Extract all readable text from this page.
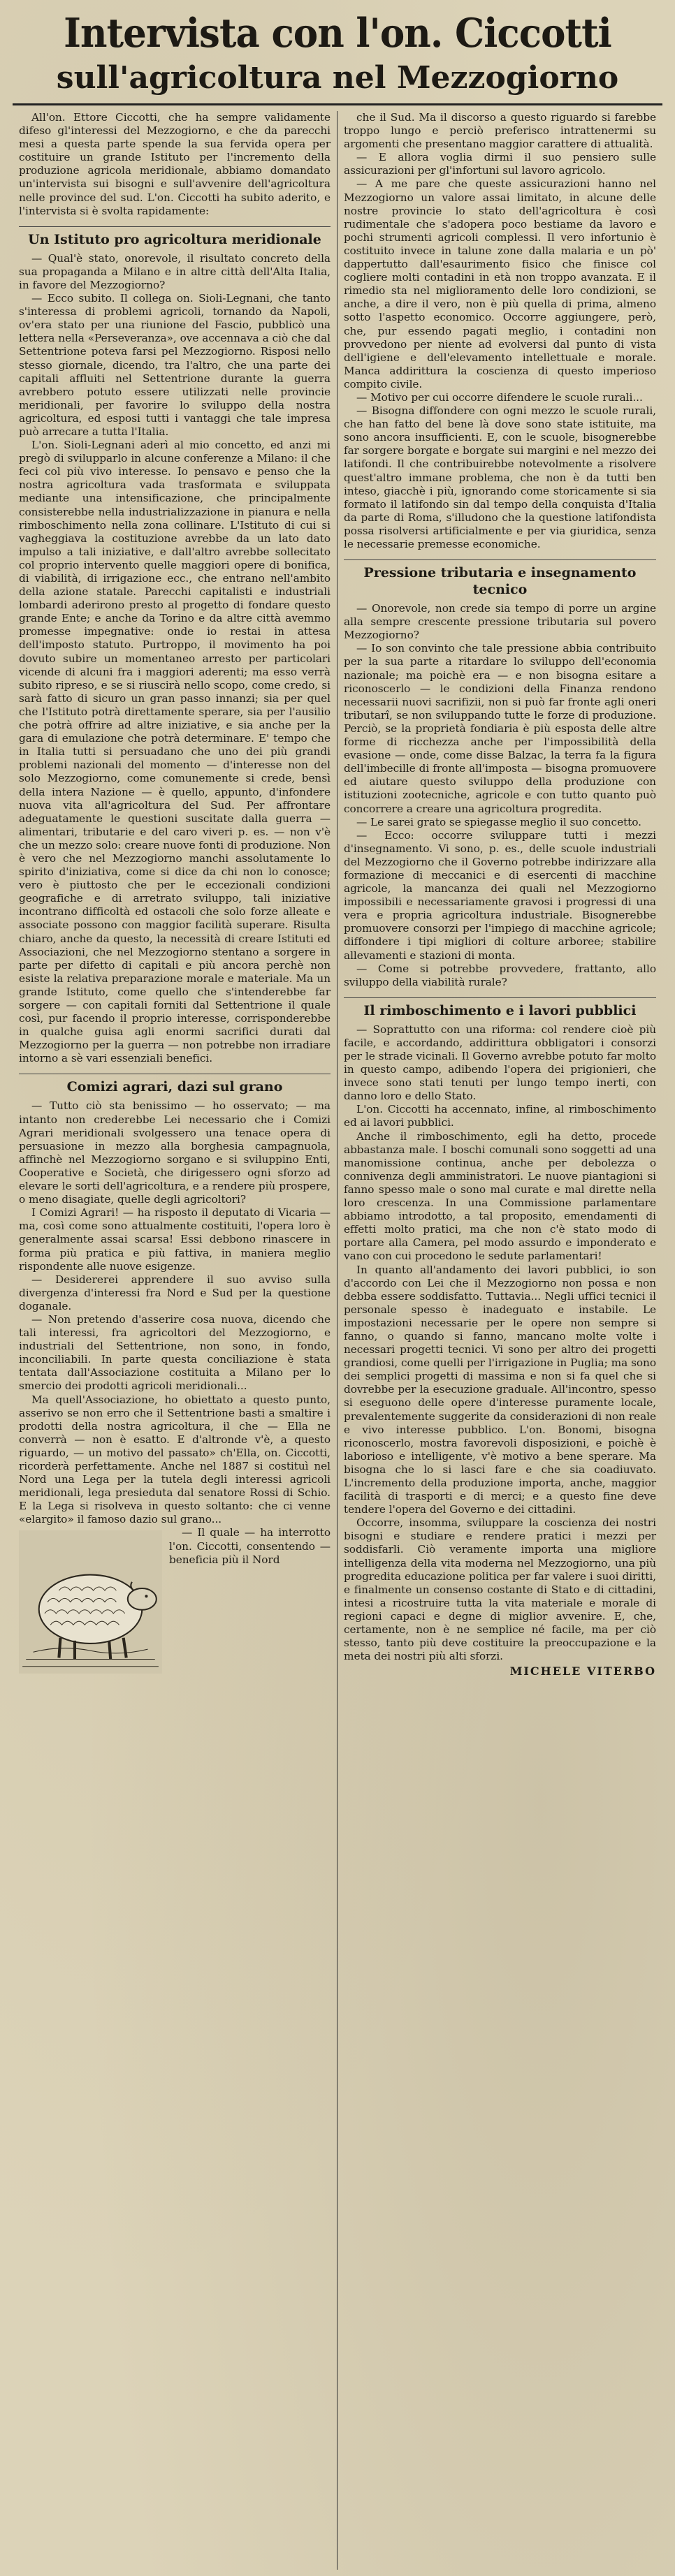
Intervista con l'on. Ciccotti
sull'agricoltura nel Mezzogiorno

All'on. Ettore Ciccotti, che ha sempre validamente difeso gl'interessi del Mezzogiorno, e che da parecchi mesi a questa parte spende la sua fervida opera per costituire un grande Istituto per l'incremento della produzione agricola meridionale, abbiamo domandato un'intervista sui bisogni e sull'avvenire dell'agricoltura nelle province del sud. L'on. Ciccotti ha subito aderito, e l'intervista si è svolta rapidamente:

Un Istituto pro agricoltura meridionale

— Qual'è stato, onorevole, il risultato concreto della sua propaganda a Milano e in altre città dell'Alta Italia, in favore del Mezzogiorno?

— Ecco subito. Il collega on. Sioli-Legnani, che tanto s'interessa di problemi agricoli, tornando da Napoli, ov'era stato per una riunione del Fascio, pubblicò una lettera nella «Perseveranza», ove accennava a ciò che dal Settentrione poteva farsi pel Mezzogiorno. Risposi nello stesso giornale, dicendo, tra l'altro, che una parte dei capitali affluiti nel Settentrione durante la guerra avrebbero potuto essere utilizzati nelle provincie meridionali, per favorire lo sviluppo della nostra agricoltura, ed esposi tutti i vantaggi che tale impresa può arrecare a tutta l'Italia.

L'on. Sioli-Legnani aderì al mio concetto, ed anzi mi pregò di svilupparlo in alcune conferenze a Milano: il che feci col più vivo interesse. Io pensavo e penso che la nostra agricoltura vada trasformata e sviluppata mediante una intensificazione, che principalmente consisterebbe nella industrializzazione in pianura e nella rimboschimento nella zona collinare. L'Istituto di cui si vagheggiava la costituzione avrebbe da un lato dato impulso a tali iniziative, e dall'altro avrebbe sollecitato col proprio intervento quelle maggiori opere di bonifica, di viabilità, di irrigazione ecc., che entrano nell'ambito della azione statale. Parecchi capitalisti e industriali lombardi aderirono presto al progetto di fondare questo grande Ente; e anche da Torino e da altre città avemmo promesse impegnative: onde io restai in attesa dell'imposto statuto. Purtroppo, il movimento ha poi dovuto subire un momentaneo arresto per particolari vicende di alcuni fra i maggiori aderenti; ma esso verrà subito ripreso, e se si riuscirà nello scopo, come credo, si sarà fatto di sicuro un gran passo innanzi; sia per quel che l'Istituto potrà direttamente sperare, sia per l'ausilio che potrà offrire ad altre iniziative, e sia anche per la gara di emulazione che potrà determinare. E' tempo che in Italia tutti si persuadano che uno dei più grandi problemi nazionali del momento — d'interesse non del solo Mezzogiorno, come comunemente si crede, bensì della intera Nazione — è quello, appunto, d'infondere nuova vita all'agricoltura del Sud. Per affrontare adeguatamente le questioni suscitate dalla guerra — alimentari, tributarie e del caro viveri p. es. — non v'è che un mezzo solo: creare nuove fonti di produzione. Non è vero che nel Mezzogiorno manchi assolutamente lo spirito d'iniziativa, come si dice da chi non lo conosce; vero è piuttosto che per le eccezionali condizioni geografiche e di arretrato sviluppo, tali iniziative incontrano difficoltà ed ostacoli che solo forze alleate e associate possono con maggior facilità superare. Risulta chiaro, anche da questo, la necessità di creare Istituti ed Associazioni, che nel Mezzogiorno stentano a sorgere in parte per difetto di capitali e più ancora perchè non esiste la relativa preparazione morale e materiale. Ma un grande Istituto, come quello che s'intenderebbe far sorgere — con capitali forniti dal Settentrione il quale così, pur facendo il proprio interesse, corrisponderebbe in qualche guisa agli enormi sacrifici durati dal Mezzogiorno per la guerra — non potrebbe non irradiare intorno a sè vari essenziali benefici.

Comizi agrari, dazi sul grano

— Tutto ciò sta benissimo — ho osservato; — ma intanto non crederebbe Lei necessario che i Comizi Agrari meridionali svolgessero una tenace opera di persuasione in mezzo alla borghesia campagnuola, affinchè nel Mezzogiorno sorgano e si sviluppino Enti, Cooperative e Società, che dirigessero ogni sforzo ad elevare le sorti dell'agricoltura, e a rendere più prospere, o meno disagiate, quelle degli agricoltori?

I Comizi Agrari! — ha risposto il deputato di Vicaria — ma, così come sono attualmente costituiti, l'opera loro è generalmente assai scarsa! Essi debbono rinascere in forma più pratica e più fattiva, in maniera meglio rispondente alle nuove esigenze.

— Desidererei apprendere il suo avviso sulla divergenza d'interessi fra Nord e Sud per la questione doganale.

— Non pretendo d'asserire cosa nuova, dicendo che tali interessi, fra agricoltori del Mezzogiorno, e industriali del Settentrione, non sono, in fondo, inconciliabili. In parte questa conciliazione è stata tentata dall'Associazione costituita a Milano per lo smercio dei prodotti agricoli meridionali...

Ma quell'Associazione, ho obiettato a questo punto, asserivo se non erro che il Settentrione basti a smaltire i prodotti della nostra agricoltura, il che — Ella ne converrà — non è esatto. E d'altronde v'è, a questo riguardo, — un motivo del passato» ch'Ella, on. Ciccotti, ricorderà perfettamente. Anche nel 1887 si costituì nel Nord una Lega per la tutela degli interessi agricoli meridionali, lega presieduta dal senatore Rossi di Schio. E la Lega si risolveva in questo soltanto: che ci venne «elargito» il famoso dazio sul grano...

— Il quale — ha interrotto l'on. Ciccotti, consentendo — beneficia più il Nord

che il Sud. Ma il discorso a questo riguardo si farebbe troppo lungo e perciò preferisco intrattenermi su argomenti che presentano maggior carattere di attualità.

— E allora voglia dirmi il suo pensiero sulle assicurazioni per gl'infortuni sul lavoro agricolo.

— A me pare che queste assicurazioni hanno nel Mezzogiorno un valore assai limitato, in alcune delle nostre provincie lo stato dell'agricoltura è così rudimentale che s'adopera poco bestiame da lavoro e pochi strumenti agricoli complessi. Il vero infortunio è costituito invece in talune zone dalla malaria e un pò' dappertutto dall'esaurimento fisico che finisce col cogliere molti contadini in età non troppo avanzata. E il rimedio sta nel miglioramento delle loro condizioni, se anche, a dire il vero, non è più quella di prima, almeno sotto l'aspetto economico. Occorre aggiungere, però, che, pur essendo pagati meglio, i contadini non provvedono per niente ad evolversi dal punto di vista dell'igiene e dell'elevamento intellettuale e morale. Manca addirittura la coscienza di questo imperioso compito civile.

— Motivo per cui occorre difendere le scuole rurali...

— Bisogna diffondere con ogni mezzo le scuole rurali, che han fatto del bene là dove sono state istituite, ma sono ancora insufficienti. E, con le scuole, bisognerebbe far sorgere borgate e borgate sui margini e nel mezzo dei latifondi. Il che contribuirebbe notevolmente a risolvere quest'altro immane problema, che non è da tutti ben inteso, giacchè i più, ignorando come storicamente si sia formato il latifondo sin dal tempo della conquista d'Italia da parte di Roma, s'illudono che la questione latifondista possa risolversi artificialmente e per via giuridica, senza le necessarie premesse economiche.

Pressione tributaria e insegnamento tecnico

— Onorevole, non crede sia tempo di porre un argine alla sempre crescente pressione tributaria sul povero Mezzogiorno?

— Io son convinto che tale pressione abbia contribuito per la sua parte a ritardare lo sviluppo dell'economia nazionale; ma poichè era — e non bisogna esitare a riconoscerlo — le condizioni della Finanza rendono necessarii nuovi sacrifizii, non si può far fronte agli oneri tributarî, se non sviluppando tutte le forze di produzione. Perciò, se la proprietà fondiaria è più esposta delle altre forme di ricchezza anche per l'impossibilità della evasione — onde, come disse Balzac, la terra fa la figura dell'imbecille di fronte all'imposta — bisogna promuovere ed aiutare questo sviluppo della produzione con istituzioni zootecniche, agricole e con tutto quanto può concorrere a creare una agricoltura progredita.

— Le sarei grato se spiegasse meglio il suo concetto.

— Ecco: occorre sviluppare tutti i mezzi d'insegnamento. Vi sono, p. es., delle scuole industriali del Mezzogiorno che il Governo potrebbe indirizzare alla formazione di meccanici e di esercenti di macchine agricole, la mancanza dei quali nel Mezzogiorno impossibili e necessariamente gravosi i progressi di una vera e propria agricoltura industriale. Bisognerebbe promuovere consorzi per l'impiego di macchine agricole; diffondere i tipi migliori di colture arboree; stabilire allevamenti e stazioni di monta.

— Come si potrebbe provvedere, frattanto, allo sviluppo della viabilità rurale?

Il rimboschimento e i lavori pubblici

— Soprattutto con una riforma: col rendere cioè più facile, e accordando, addirittura obbligatori i consorzi per le strade vicinali. Il Governo avrebbe potuto far molto in questo campo, adibendo l'opera dei prigionieri, che invece sono stati tenuti per lungo tempo inerti, con danno loro e dello Stato.

L'on. Ciccotti ha accennato, infine, al rimboschimento ed ai lavori pubblici.

Anche il rimboschimento, egli ha detto, procede abbastanza male. I boschi comunali sono soggetti ad una manomissione continua, anche per debolezza o connivenza degli amministratori. Le nuove piantagioni si fanno spesso male o sono mal curate e mal dirette nella loro crescenza. In una Commissione parlamentare abbiamo introdotto, a tal proposito, emendamenti di effetti molto pratici, ma che non c'è stato modo di portare alla Camera, pel modo assurdo e imponderato e vano con cui procedono le sedute parlamentari!

In quanto all'andamento dei lavori pubblici, io son d'accordo con Lei che il Mezzogiorno non possa e non debba essere soddisfatto. Tuttavia... Negli uffici tecnici il personale spesso è inadeguato e instabile. Le impostazioni necessarie per le opere non sempre si fanno, o quando si fanno, mancano molte volte i necessari progetti tecnici. Vi sono per altro dei progetti grandiosi, come quelli per l'irrigazione in Puglia; ma sono dei semplici progetti di massima e non si fa quel che si dovrebbe per la esecuzione graduale. All'incontro, spesso si eseguono delle opere d'interesse puramente locale, prevalentemente suggerite da considerazioni di non reale e vivo interesse pubblico. L'on. Bonomi, bisogna riconoscerlo, mostra favorevoli disposizioni, e poichè è laborioso e intelligente, v'è motivo a bene sperare. Ma bisogna che lo si lasci fare e che sia coadiuvato. L'incremento della produzione importa, anche, maggior facilità di trasporti e di merci; e a questo fine deve tendere l'opera del Governo e dei cittadini.

Occorre, insomma, sviluppare la coscienza dei nostri bisogni e studiare e rendere pratici i mezzi per soddisfarli. Ciò veramente importa una migliore intelligenza della vita moderna nel Mezzogiorno, una più progredita educazione politica per far valere i suoi diritti, e finalmente un consenso costante di Stato e di cittadini, intesi a ricostruire tutta la vita materiale e morale di regioni capaci e degne di miglior avvenire. E, che, certamente, non è ne semplice né facile, ma per ciò stesso, tanto più deve costituire la preoccupazione e la meta dei nostri più alti sforzi.

MICHELE VITERBO
